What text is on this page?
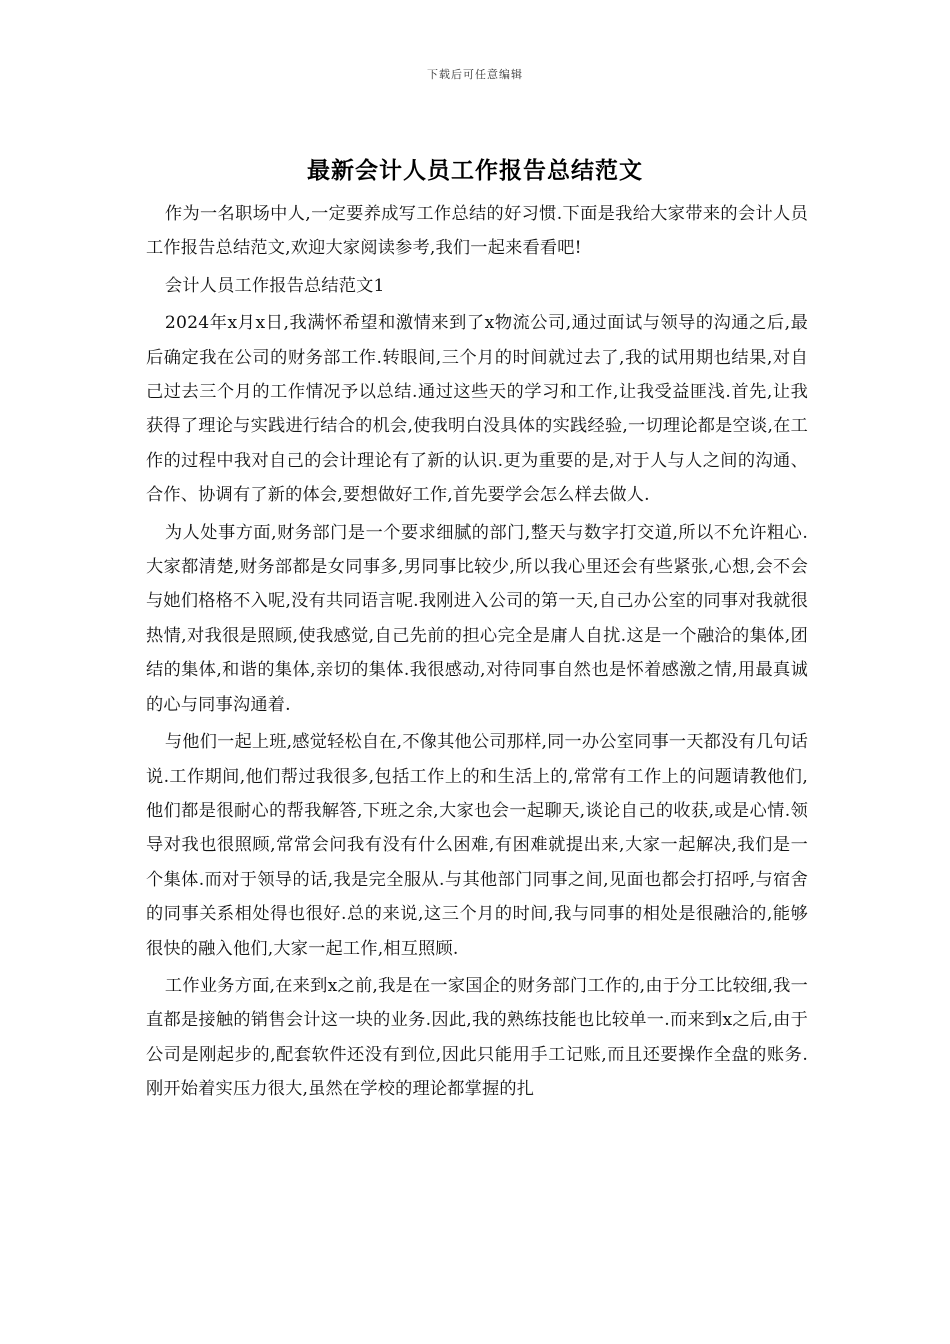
下载后可任意编辑
最新会计人员工作报告总结范文

作为一名职场中人,一定要养成写工作总结的好习惯.下面是我给大家带来的会计人员工作报告总结范文,欢迎大家阅读参考,我们一起来看看吧!

会计人员工作报告总结范文1

2024年x月x日,我满怀希望和激情来到了x物流公司,通过面试与领导的沟通之后,最后确定我在公司的财务部工作.转眼间,三个月的时间就过去了,我的试用期也结果,对自己过去三个月的工作情况予以总结.通过这些天的学习和工作,让我受益匪浅.首先,让我获得了理论与实践进行结合的机会,使我明白没具体的实践经验,一切理论都是空谈,在工作的过程中我对自己的会计理论有了新的认识.更为重要的是,对于人与人之间的沟通、合作、协调有了新的体会,要想做好工作,首先要学会怎么样去做人.

为人处事方面,财务部门是一个要求细腻的部门,整天与数字打交道,所以不允许粗心.大家都清楚,财务部都是女同事多,男同事比较少,所以我心里还会有些紧张,心想,会不会与她们格格不入呢,没有共同语言呢.我刚进入公司的第一天,自己办公室的同事对我就很热情,对我很是照顾,使我感觉,自己先前的担心完全是庸人自扰.这是一个融洽的集体,团结的集体,和谐的集体,亲切的集体.我很感动,对待同事自然也是怀着感激之情,用最真诚的心与同事沟通着.

与他们一起上班,感觉轻松自在,不像其他公司那样,同一办公室同事一天都没有几句话说.工作期间,他们帮过我很多,包括工作上的和生活上的,常常有工作上的问题请教他们,他们都是很耐心的帮我解答,下班之余,大家也会一起聊天,谈论自己的收获,或是心情.领导对我也很照顾,常常会问我有没有什么困难,有困难就提出来,大家一起解决,我们是一个集体.而对于领导的话,我是完全服从.与其他部门同事之间,见面也都会打招呼,与宿舍的同事关系相处得也很好.总的来说,这三个月的时间,我与同事的相处是很融洽的,能够很快的融入他们,大家一起工作,相互照顾.

工作业务方面,在来到x之前,我是在一家国企的财务部门工作的,由于分工比较细,我一直都是接触的销售会计这一块的业务.因此,我的熟练技能也比较单一.而来到x之后,由于公司是刚起步的,配套软件还没有到位,因此只能用手工记账,而且还要操作全盘的账务.刚开始着实压力很大,虽然在学校的理论都掌握的扎
